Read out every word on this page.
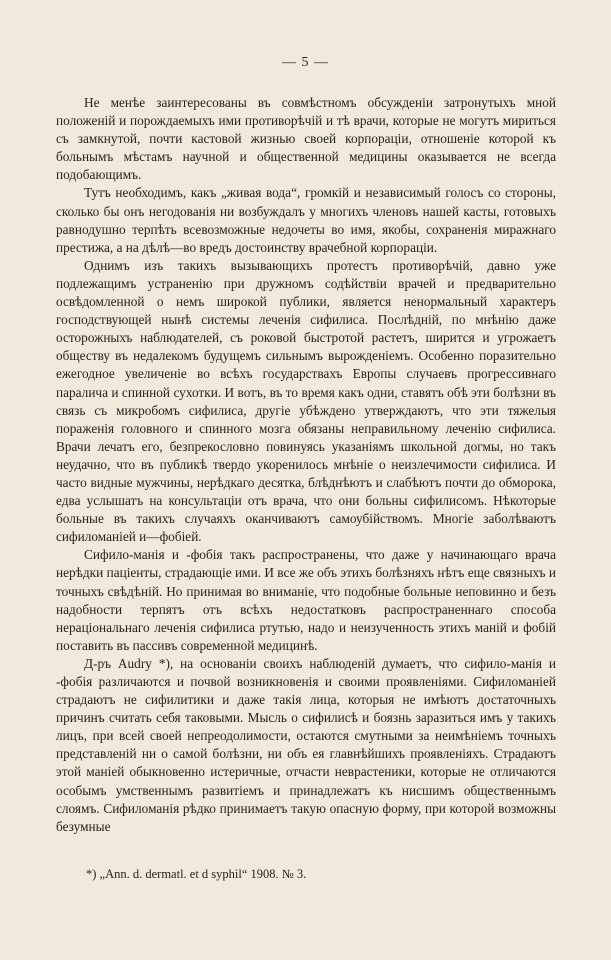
— 5 —

Не менѣе заинтересованы въ совмѣстномъ обсужденіи затронутыхъ мной положеній и порождаемыхъ ими противорѣчій и тѣ врачи, которые не могутъ мириться съ замкнутой, почти кастовой жизнью своей корпораціи, отношеніе которой къ больнымъ мѣстамъ научной и общественной медицины оказывается не всегда подобающимъ.

Тутъ необходимъ, какъ „живая вода“, громкій и независимый голосъ со стороны, сколько бы онъ негодованія ни возбуждалъ у многихъ членовъ нашей касты, готовыхъ равнодушно терпѣть всевозможные недочеты во имя, якобы, сохраненія миражнаго престижа, а на дѣлѣ—во вредъ достоинству врачебной корпораціи.

Однимъ изъ такихъ вызывающихъ протестъ противорѣчій, давно уже подлежащимъ устраненію при дружномъ содѣйствіи врачей и предварительно освѣдомленной о немъ широкой публики, является ненормальный характеръ господствующей нынѣ системы леченія сифилиса. Послѣдній, по мнѣнію даже осторожныхъ наблюдателей, съ роковой быстротой растетъ, ширится и угрожаетъ обществу въ недалекомъ будущемъ сильнымъ вырожденіемъ. Особенно поразительно ежегодное увеличеніе во всѣхъ государствахъ Европы случаевъ прогрессивнаго паралича и спинной сухотки. И вотъ, въ то время какъ одни, ставятъ обѣ эти болѣзни въ связь съ микробомъ сифилиса, другіе убѣждено утверждаютъ, что эти тяжелыя пораженія головного и спинного мозга обязаны неправильному леченію сифилиса. Врачи лечатъ его, безпрекословно повинуясь указаніямъ школьной догмы, но такъ неудачно, что въ публикѣ твердо укоренилось мнѣніе о неизлечимости сифилиса. И часто видные мужчины, нерѣдкаго десятка, блѣднѣютъ и слабѣютъ почти до обморока, едва услышатъ на консультаціи отъ врача, что они больны сифилисомъ. Нѣкоторые больные въ такихъ случаяхъ оканчиваютъ самоубійствомъ. Многіе заболѣваютъ сифиломаніей и—фобіей.

Сифило-манія и -фобія такъ распространены, что даже у начинающаго врача нерѣдки паціенты, страдающіе ими. И все же объ этихъ болѣзняхъ нѣтъ еще связныхъ и точныхъ свѣдѣній. Но принимая во вниманіе, что подобные больные неповинно и безъ надобности терпятъ отъ всѣхъ недостатковъ распространеннаго способа нераціональнаго леченія сифилиса ртутью, надо и неизученность этихъ маній и фобій поставить въ пассивъ современной медицинѣ.

Д-ръ Audry *), на основаніи своихъ наблюденій думаетъ, что сифило-манія и -фобія различаются и почвой возникновенія и своими проявленіями. Сифиломаніей страдаютъ не сифилитики и даже такія лица, которыя не имѣютъ достаточныхъ причинъ считать себя таковыми. Мысль о сифилисѣ и боязнь заразиться имъ у такихъ лицъ, при всей своей непреодолимости, остаются смутными за неимѣніемъ точныхъ представленій ни о самой болѣзни, ни объ ея главнѣйшихъ проявленіяхъ. Страдаютъ этой маніей обыкновенно истеричные, отчасти неврастеники, которые не отличаются особымъ умственнымъ развитіемъ и принадлежатъ къ нисшимъ общественнымъ слоямъ. Сифиломанія рѣдко принимаетъ такую опасную форму, при которой возможны безумные

*) „Ann. d. dermatl. et d syphil“ 1908. № 3.
